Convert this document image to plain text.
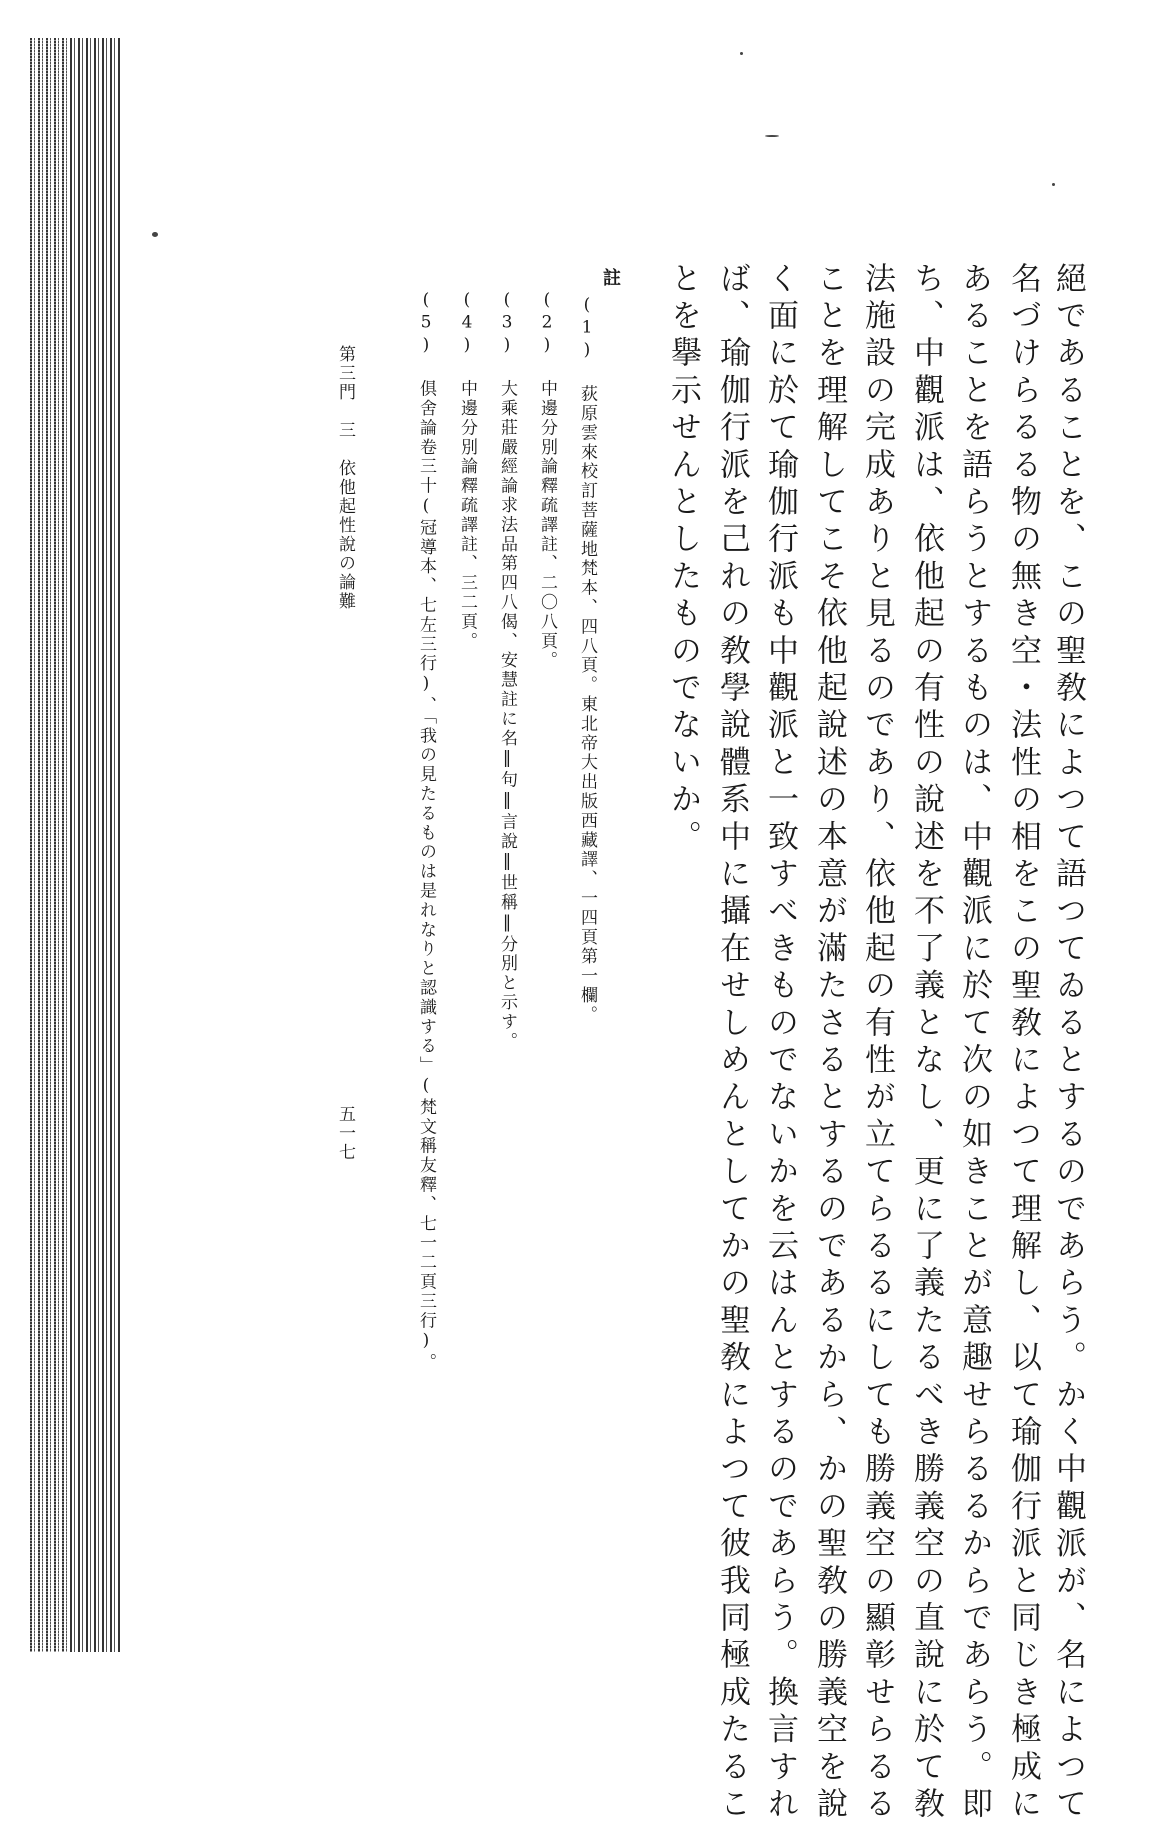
絕であることを、この聖敎によつて語つてゐるとするのであらう。かく中觀派が、名によつて
名づけらるる物の無き空・法性の相をこの聖敎によつて理解し、以て瑜伽行派と同じき極成に
あることを語らうとするものは、中觀派に於て次の如きことが意趣せらるるからであらう。即
ち、中觀派は、依他起の有性の說述を不了義となし、更に了義たるべき勝義空の直說に於て敎
法施設の完成ありと見るのであり、依他起の有性が立てらるるにしても勝義空の顯彰せらるる
ことを理解してこそ依他起說述の本意が滿たさるとするのであるから、かの聖敎の勝義空を說
く面に於て瑜伽行派も中觀派と一致すべきものでないかを云はんとするのであらう。換言すれ
ば、瑜伽行派を己れの敎學說體系中に攝在せしめんとしてかの聖敎によつて彼我同極成たるこ
とを擧示せんとしたものでないか。
註
(1) 荻原雲來校訂菩薩地梵本、四八頁。東北帝大出版西藏譯、一四頁第一欄。
(2) 中邊分別論釋疏譯註、二〇八頁。
(3) 大乘莊嚴經論求法品第四八偈、安慧註に名‖句‖言說‖世稱‖分別と示す。
(4) 中邊分別論釋疏譯註、三二頁。
(5) 俱舍論卷三十(冠導本、七左三行)、「我の見たるものは是れなりと認識する」(梵文稱友釋、七一二頁三行)。
第三門　三　依他起性說の論難
五一七
